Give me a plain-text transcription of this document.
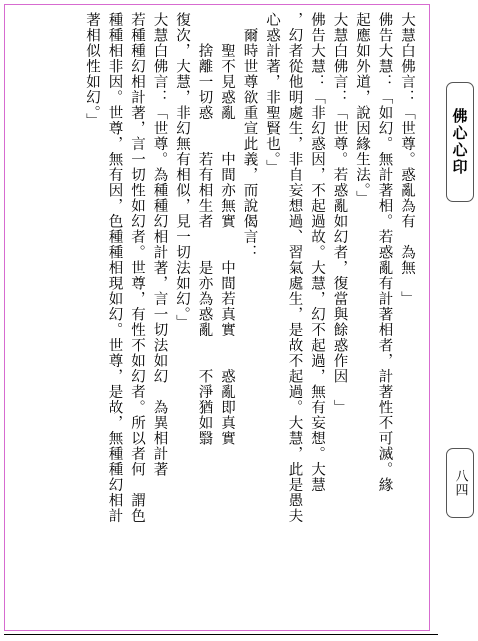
大慧白佛言：「世尊。惑亂為有　為無　」
佛告大慧：「如幻。無計著相。若惑亂有計著相者，計著性不可滅。緣
起應如外道，說因緣生法。」
大慧白佛言：「世尊。若惑亂如幻者，復當與餘惑作因　」
佛告大慧：「非幻惑因，不起過故。大慧，幻不起過，無有妄想。大慧
，幻者從他明處生，非自妄想過、習氣處生，是故不起過。大慧，此是愚夫
心惑計著，非聖賢也。」
　爾時世尊欲重宣此義，而說偈言：
　　聖不見惑亂　　中間亦無實　　中間若真實　　惑亂即真實
　　捨離一切惑　　若有相生者　　是亦為惑亂　　不淨猶如翳
復次，大慧，非幻無有相似，見一切法如幻。」
大慧白佛言：「世尊。為種種幻相計著，言一切法如幻　為異相計著
若種種幻相計著，言一切性如幻者。世尊，有性不如幻者。所以者何　謂色
種種相非因。世尊，無有因，色種種相現如幻。世尊，是故，無種種幻相計
著相似性如幻。」
佛心心印
八四
